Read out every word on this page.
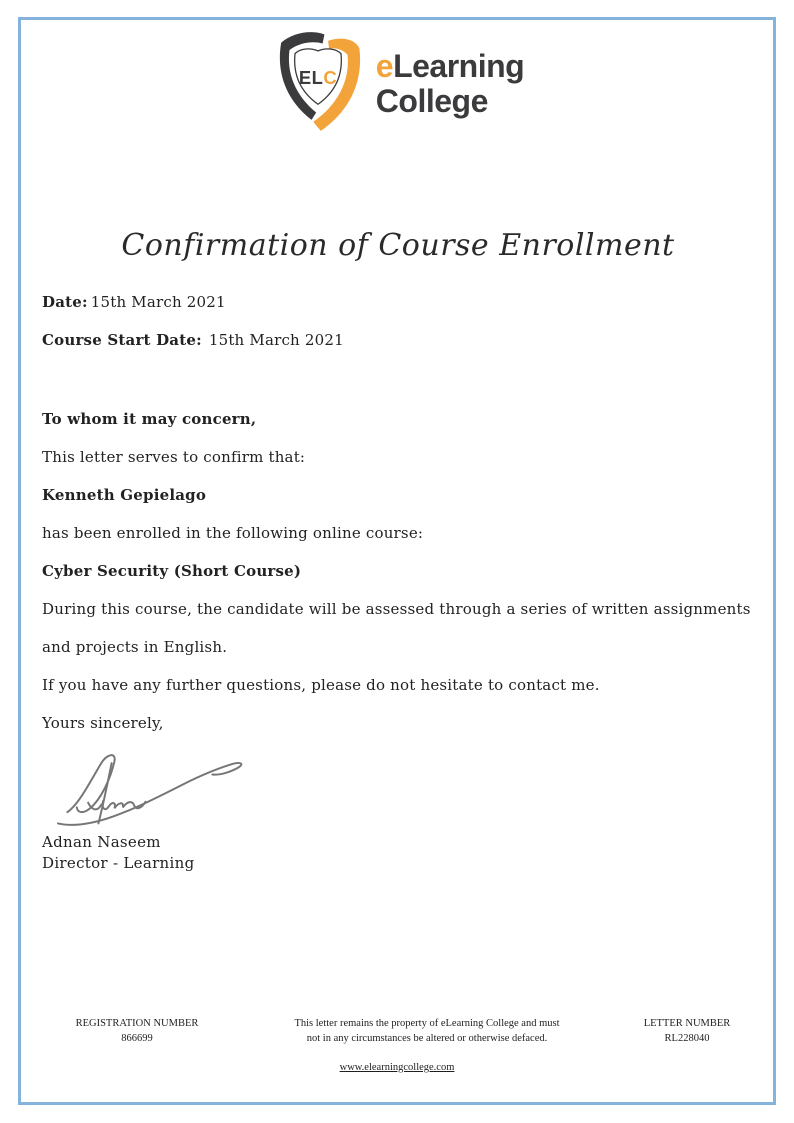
ELC eLearning
College
Confirmation of Course Enrollment

Date: 15th March 2021

Course Start Date: 15th March 2021

To whom it may concern,

This letter serves to confirm that:

Kenneth Gepielago

has been enrolled in the following online course:

Cyber Security (Short Course)

During this course, the candidate will be assessed through a series of written assignments and projects in English.

If you have any further questions, please do not hesitate to contact me.

Yours sincerely,

Adnan Naseem
Director - Learning
REGISTRATION NUMBER
866699
This letter remains the property of eLearning College and must
not in any circumstances be altered or otherwise defaced.
LETTER NUMBER
RL228040
www.elearningcollege.com
